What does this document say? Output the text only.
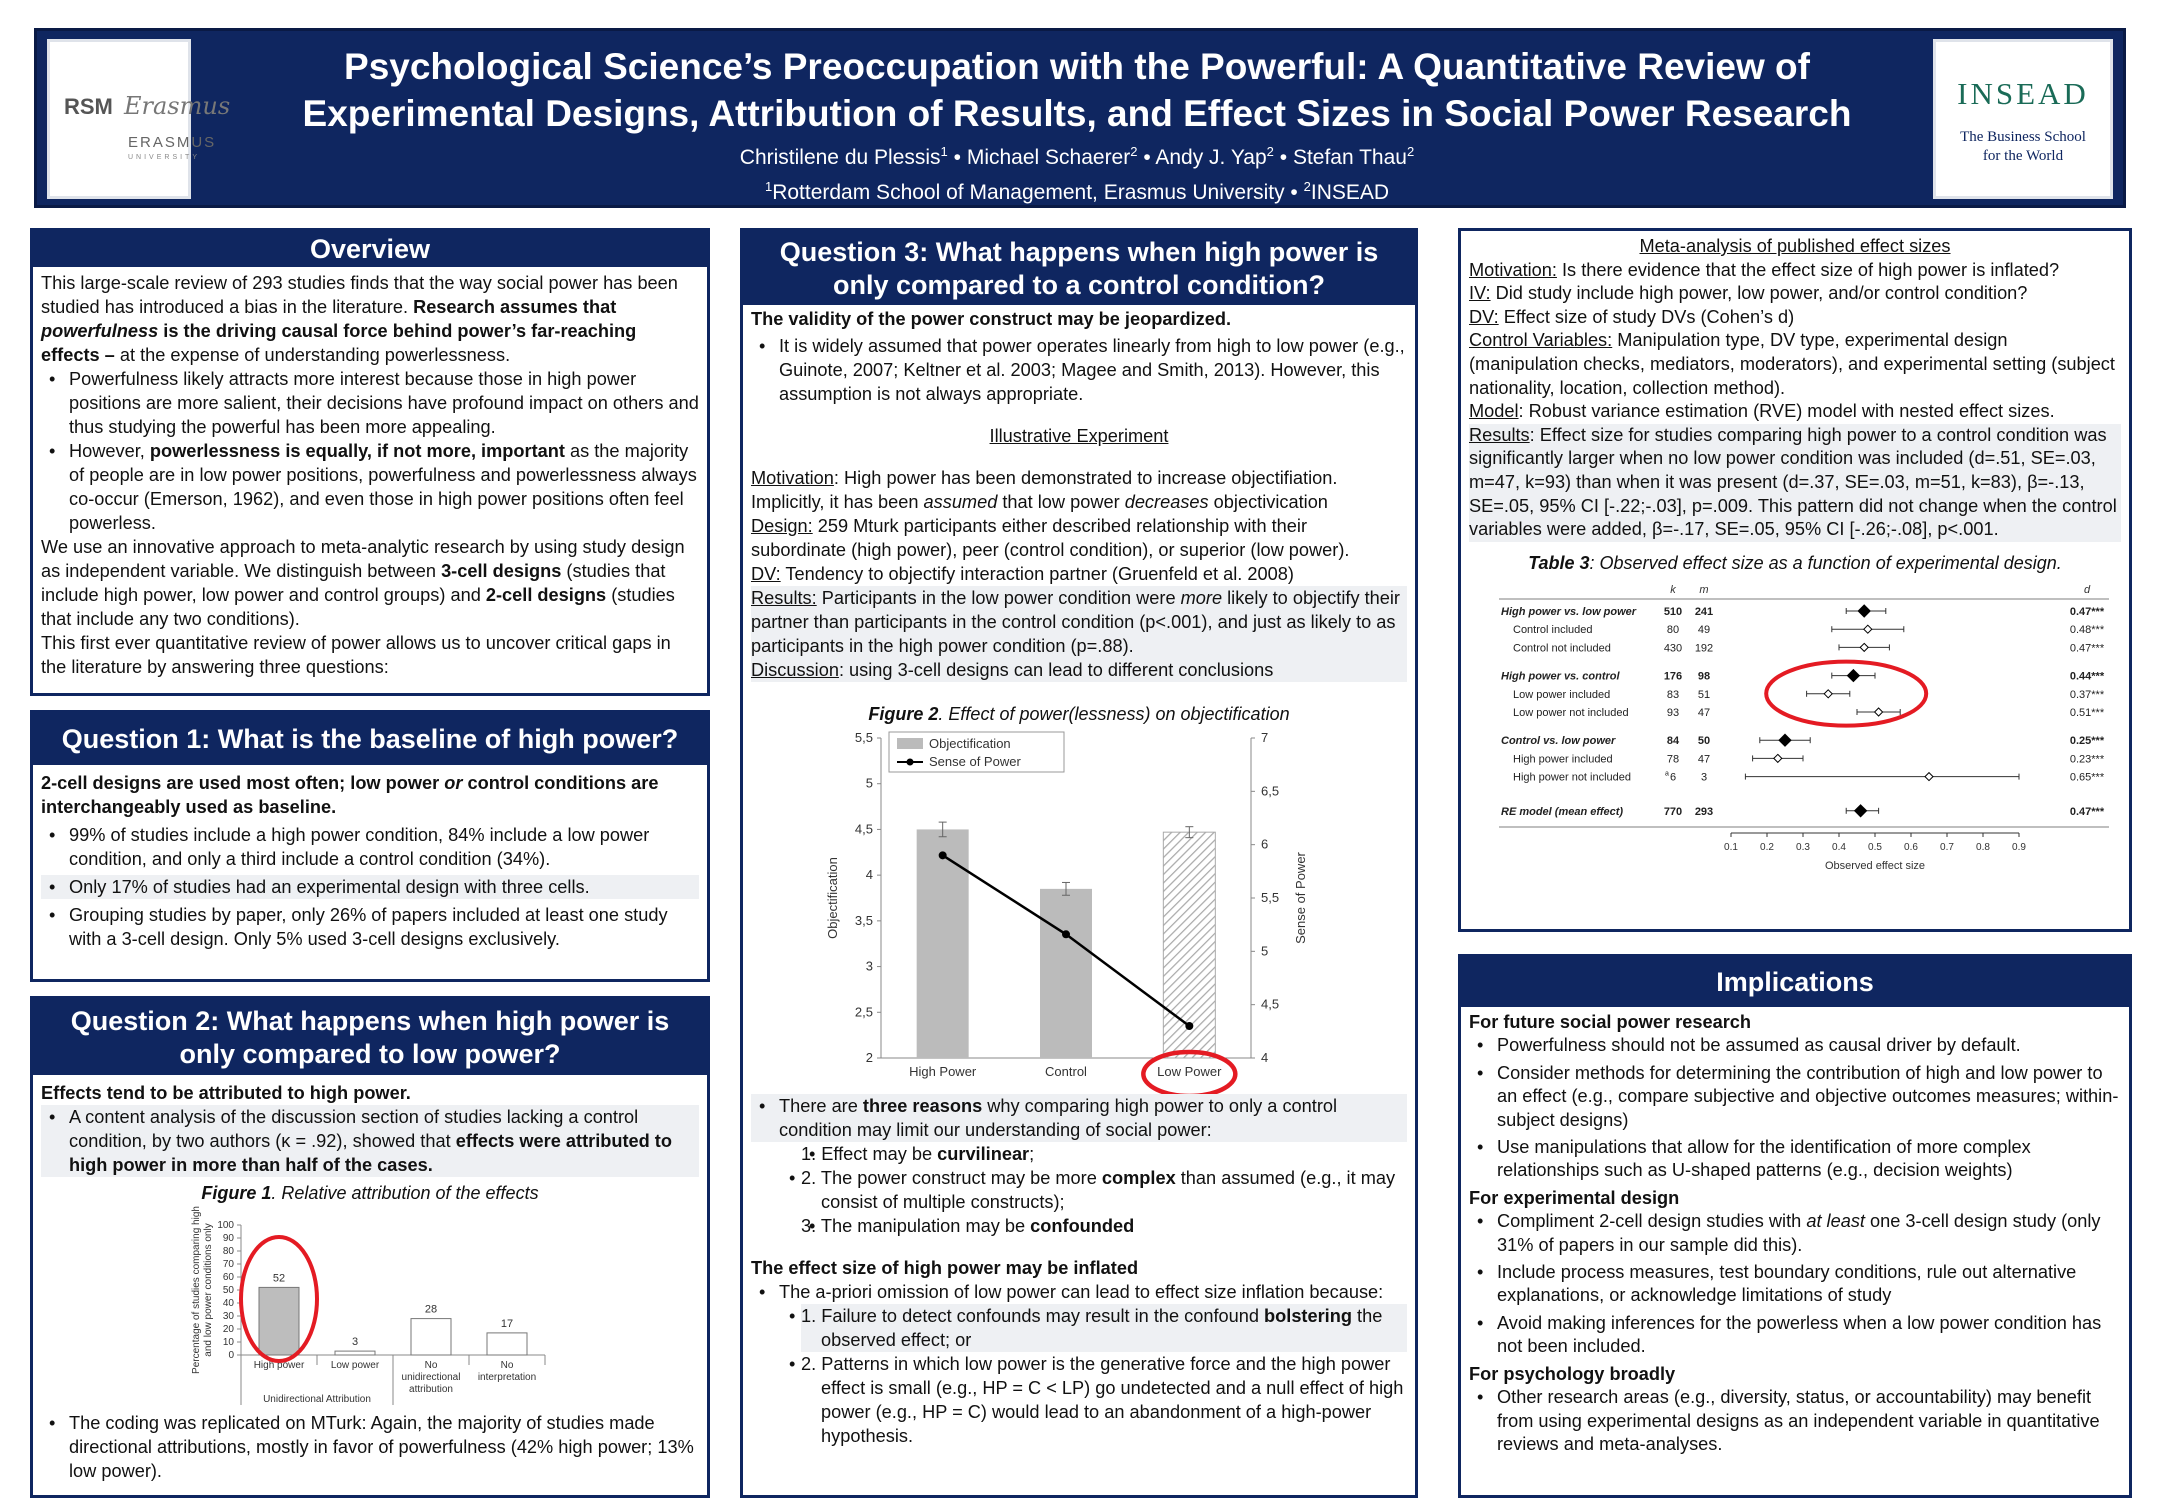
RSM Erasmus
ERASMUS
UNIVERSITY
Psychological Science’s Preoccupation with the Powerful: A Quantitative Review of
Experimental Designs, Attribution of Results, and Effect Sizes in Social Power Research
Christilene du Plessis$^1$ • Michael Schaerer$^2$ • Andy J. Yap$^2$ • Stefan Thau$^2$
$^1$Rotterdam School of Management, Erasmus University • $^2$INSEAD
INSEAD
The Business School
for the World
Overview

This large-scale review of 293 studies finds that the way social power has been studied has introduced a bias in the literature. Research assumes that powerfulness is the driving causal force behind power’s far-reaching effects – at the expense of understanding powerlessness.

• Powerfulness likely attracts more interest because those in high power positions are more salient, their decisions have profound impact on others and thus studying the powerful has been more appealing.
• However, powerlessness is equally, if not more, important as the majority of people are in low power positions, powerfulness and powerlessness always co-occur (Emerson, 1962), and even those in high power positions often feel powerless.

We use an innovative approach to meta-analytic research by using study design as independent variable. We distinguish between 3-cell designs (studies that include high power, low power and control groups) and 2-cell designs (studies that include any two conditions).

This first ever quantitative review of power allows us to uncover critical gaps in the literature by answering three questions:

Question 1: What is the baseline of high power?

2-cell designs are used most often; low power or control conditions are interchangeably used as baseline.

• 99% of studies include a high power condition, 84% include a low power condition, and only a third include a control condition (34%).
• Only 17% of studies had an experimental design with three cells.
• Grouping studies by paper, only 26% of papers included at least one study with a 3-cell design. Only 5% used 3-cell designs exclusively.
Question 2: What happens when high power is
only compared to low power?

Effects tend to be attributed to high power.

• A content analysis of the discussion section of studies lacking a control condition, by two authors (κ = .92), showed that effects were attributed to high power in more than half of the cases.

Figure 1. Relative attribution of the effects

0
10
20
30
40
50
60
70
80
90
100
Percentage of studies comparing high and low power conditions only	52
High power
3
Low power
28
No
unidirectional
attribution
17
No
interpretation
Unidirectional Attribution
• The coding was replicated on MTurk: Again, the majority of studies made directional attributions, mostly in favor of powerfulness (42% high power; 13% low power).
Question 3: What happens when high power is
only compared to a control condition?

The validity of the power construct may be jeopardized.

• It is widely assumed that power operates linearly from high to low power (e.g., Guinote, 2007; Keltner et al. 2003; Magee and Smith, 2013). However, this assumption is not always appropriate.

Illustrative Experiment

Motivation: High power has been demonstrated to increase objectifiation. Implicitly, it has been assumed that low power decreases objectivication

Design: 259 Mturk participants either described relationship with their subordinate (high power), peer (control condition), or superior (low power).

DV: Tendency to objectify interaction partner (Gruenfeld et al. 2008)

Results: Participants in the low power condition were more likely to objectify their partner than participants in the control condition (p<.001), and just as likely to as participants in the high power condition (p=.88).

Discussion: using 3-cell designs can lead to different conclusions

Figure 2. Effect of power(lessness) on objectification

2
2,5
3
3,5
4
4,5
5
5,5
4
4,5
5
5,5
6
6,5
7
Objectification	Sense of Power
High Power	Control	Low Power
Objectification
Sense of Power
• There are three reasons why comparing high power to only a control condition may limit our understanding of social power:
• 1. Effect may be curvilinear;
• 2. The power construct may be more complex than assumed (e.g., it may consist of multiple constructs);
• 3. The manipulation may be confounded

The effect size of high power may be inflated

• The a-priori omission of low power can lead to effect size inflation because:
• 1. Failure to detect confounds may result in the confound bolstering the observed effect; or
• 2. Patterns in which low power is the generative force and the high power effect is small (e.g., HP = C < LP) go undetected and a null effect of high power (e.g., HP = C) would lead to an abandonment of a high-power hypothesis.

Meta-analysis of published effect sizes

Motivation: Is there evidence that the effect size of high power is inflated?

IV: Did study include high power, low power, and/or control condition?

DV: Effect size of study DVs (Cohen’s d)

Control Variables: Manipulation type, DV type, experimental design (manipulation checks, mediators, moderators), and experimental setting (subject nationality, location, collection method).

Model: Robust variance estimation (RVE) model with nested effect sizes.

Results: Effect size for studies comparing high power to a control condition was significantly larger when no low power condition was included (d=.51, SE=.03, m=47, k=93) than when it was present (d=.37, SE=.03, m=51, k=83), β=-.13, SE=.05, 95% CI [-.22;-.03], p=.009. This pattern did not change when the control variables were added, β=-.17, SE=.05, 95% CI [-.26;-.08], p<.001.

Table 3: Observed effect size as a function of experimental design.

k m	d
High power vs. low power	510 241	0.47***
Control included	80 49	0.48***
Control not included	430 192	0.47***
High power vs. control	176 98	0.44***
Low power included	83 51	0.37***
Low power not included	93 47	0.51***
Control vs. low power	84 50	0.25***
High power included	78 47	0.23***
High power not included	a 6 3	0.65***
RE model (mean effect)	770 293	0.47***
0.1 0.2 0.3 0.4 0.5 0.6 0.7 0.8 0.9
Observed effect size
Implications

For future social power research

• Powerfulness should not be assumed as causal driver by default.
• Consider methods for determining the contribution of high and low power to an effect (e.g., compare subjective and objective outcomes measures; within-subject designs)
• Use manipulations that allow for the identification of more complex relationships such as U-shaped patterns (e.g., decision weights)

For experimental design

• Compliment 2-cell design studies with at least one 3-cell design study (only 31% of papers in our sample did this).
• Include process measures, test boundary conditions, rule out alternative explanations, or acknowledge limitations of study
• Avoid making inferences for the powerless when a low power condition has not been included.

For psychology broadly

• Other research areas (e.g., diversity, status, or accountability) may benefit from using experimental designs as an independent variable in quantitative reviews and meta-analyses.
